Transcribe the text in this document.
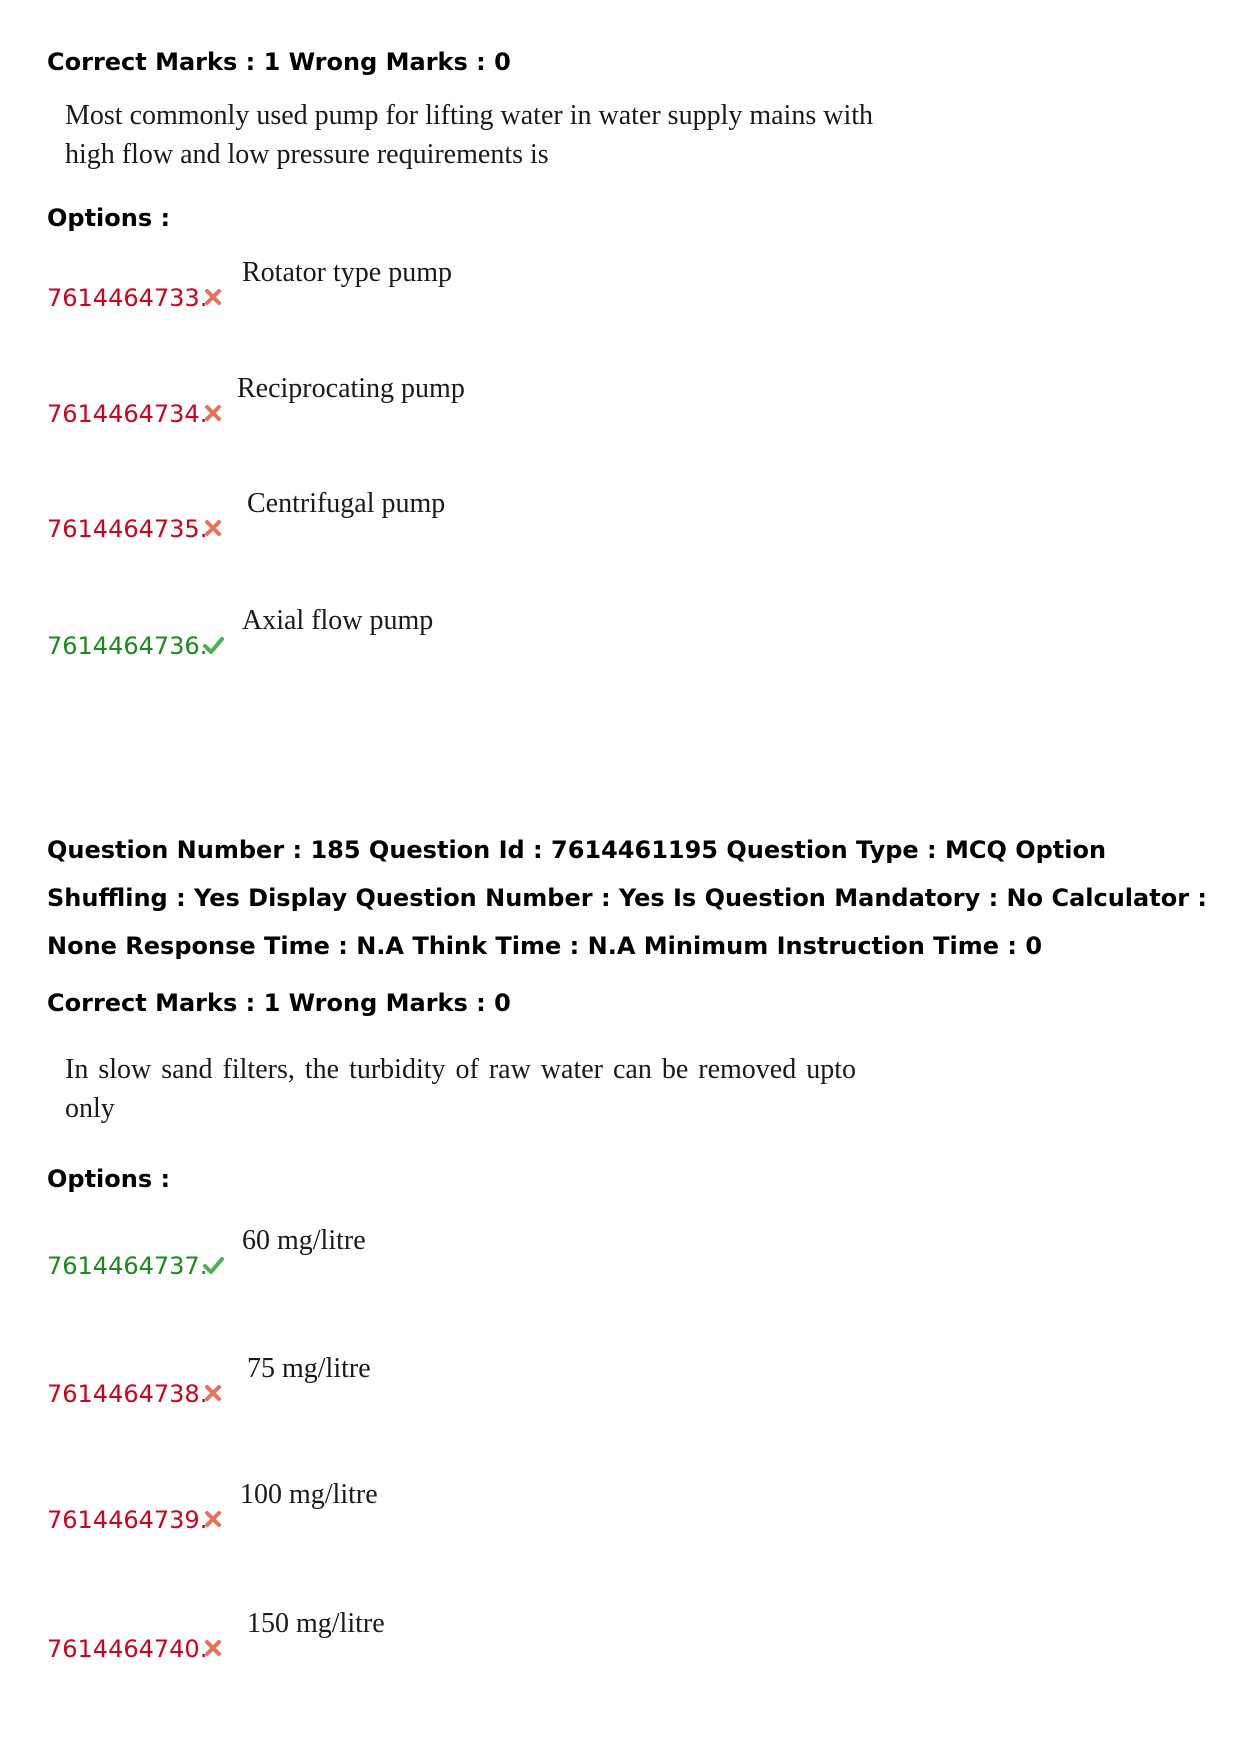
Correct Marks : 1 Wrong Marks : 0
Most commonly used pump for lifting water in water supply mains with
high flow and low pressure requirements is
Options :
7614464733.
Rotator type pump
7614464734.
Reciprocating pump
7614464735.
Centrifugal pump
7614464736.
Axial flow pump
Question Number : 185 Question Id : 7614461195 Question Type : MCQ Option Shuffling : Yes Display Question Number : Yes Is Question Mandatory : No Calculator : None Response Time : N.A Think Time : N.A Minimum Instruction Time : 0
Correct Marks : 1 Wrong Marks : 0
In slow sand filters, the turbidity of raw water can be removed upto
only
Options :
7614464737.
60 mg/litre
7614464738.
75 mg/litre
7614464739.
100 mg/litre
7614464740.
150 mg/litre
